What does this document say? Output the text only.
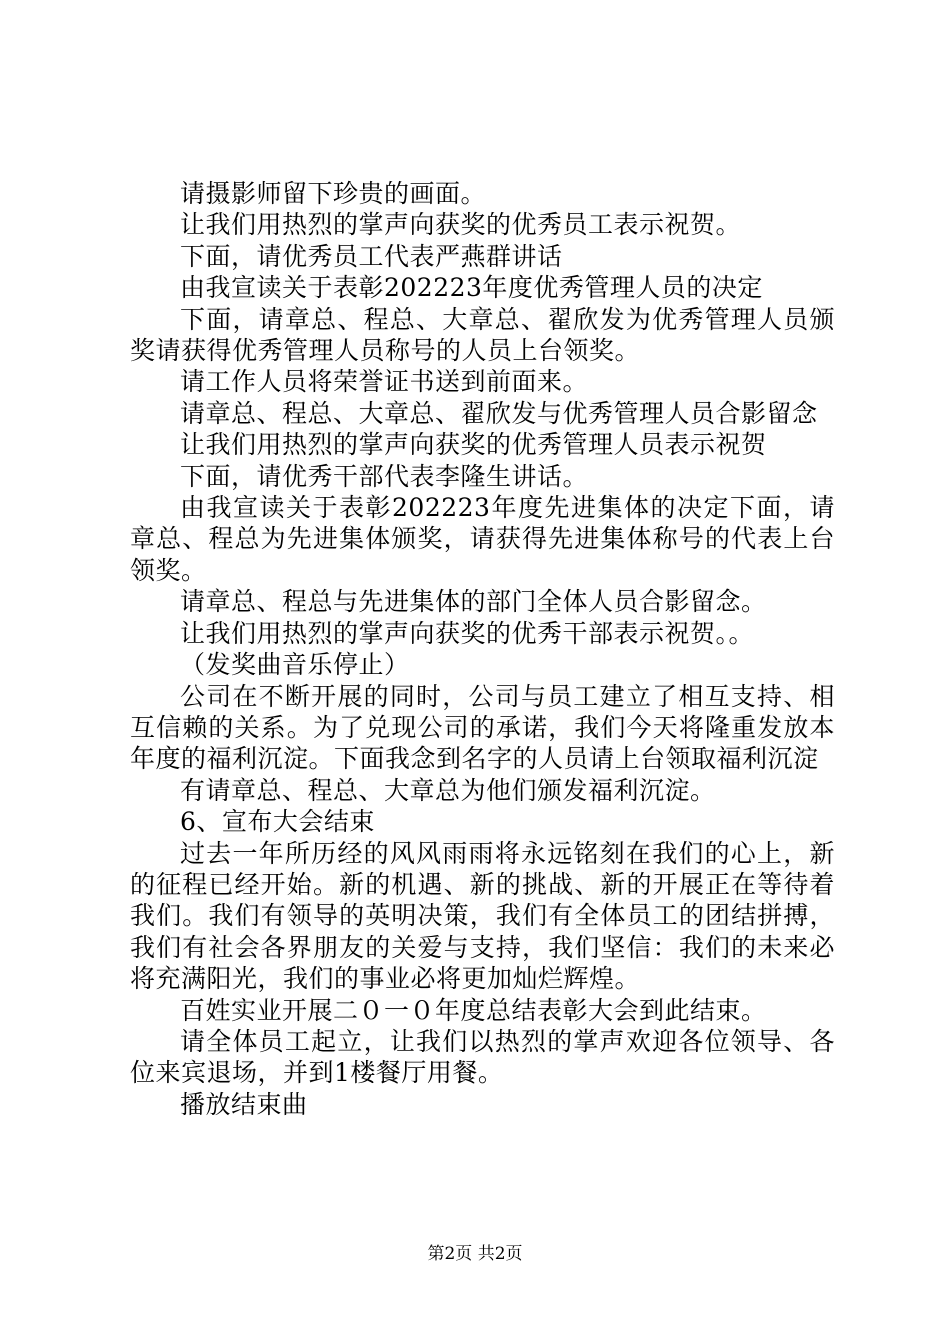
请摄影师留下珍贵的画面。

让我们用热烈的掌声向获奖的优秀员工表示祝贺。

下面，请优秀员工代表严燕群讲话

由我宣读关于表彰202223年度优秀管理人员的决定

下面，请章总、程总、大章总、翟欣发为优秀管理人员颁奖请获得优秀管理人员称号的人员上台领奖。

请工作人员将荣誉证书送到前面来。

请章总、程总、大章总、翟欣发与优秀管理人员合影留念

让我们用热烈的掌声向获奖的优秀管理人员表示祝贺

下面，请优秀干部代表李隆生讲话。

由我宣读关于表彰202223年度先进集体的决定下面，请章总、程总为先进集体颁奖，请获得先进集体称号的代表上台领奖。

请章总、程总与先进集体的部门全体人员合影留念。

让我们用热烈的掌声向获奖的优秀干部表示祝贺。。

（发奖曲音乐停止）

公司在不断开展的同时，公司与员工建立了相互支持、相互信赖的关系。为了兑现公司的承诺，我们今天将隆重发放本年度的福利沉淀。下面我念到名字的人员请上台领取福利沉淀

有请章总、程总、大章总为他们颁发福利沉淀。

6、宣布大会结束

过去一年所历经的风风雨雨将永远铭刻在我们的心上，新的征程已经开始。新的机遇、新的挑战、新的开展正在等待着我们。我们有领导的英明决策，我们有全体员工的团结拼搏，我们有社会各界朋友的关爱与支持，我们坚信：我们的未来必将充满阳光，我们的事业必将更加灿烂辉煌。

百姓实业开展二０一０年度总结表彰大会到此结束。

请全体员工起立，让我们以热烈的掌声欢迎各位领导、各位来宾退场，并到1楼餐厅用餐。

播放结束曲

第2页 共2页
